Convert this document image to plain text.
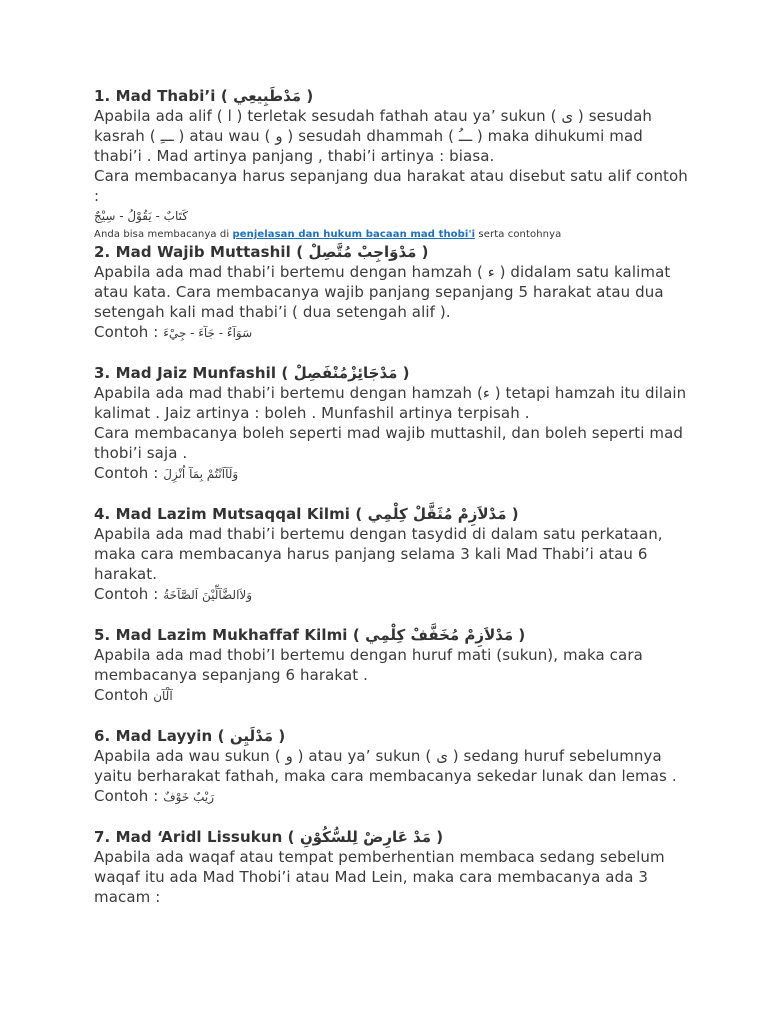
1. Mad Thabi’i ( مَدْطَبِيعِي )
Apabila ada alif ( ا ) terletak sesudah fathah atau ya’ sukun ( ى ) sesudah kasrah ( ـــِ ) atau wau ( و ) sesudah dhammah ( ـــُ ) maka dihukumi mad thabi’i . Mad artinya panjang , thabi’i artinya : biasa.
Cara membacanya harus sepanjang dua harakat atau disebut satu alif contoh :
كَتَابٌ - يَقُوْلُ - سِيْجٌ
Anda bisa membacanya di penjelasan dan hukum bacaan mad thobi'i serta contohnya
2. Mad Wajib Muttashil ( مَدْوَاجِبْ مُتَّصِلْ )
Apabila ada mad thabi’i bertemu dengan hamzah ( ء ) didalam satu kalimat atau kata. Cara membacanya wajib panjang sepanjang 5 harakat atau dua setengah kali mad thabi’i ( dua setengah alif ).
Contoh : سَوَآءٌ - جَآءَ - جِيْءَ
3. Mad Jaiz Munfashil ( مَدْجَائِزْمُنْفَصِلْ )
Apabila ada mad thabi’i bertemu dengan hamzah (ء ) tetapi hamzah itu dilain kalimat . Jaiz artinya : boleh . Munfashil artinya terpisah .
Cara membacanya boleh seperti mad wajib muttashil, dan boleh seperti mad thobi’i saja .
Contoh : وَلَآاَنْتُمْ بِمَآ اُنْزِلَ
4. Mad Lazim Mutsaqqal Kilmi ( مَدْلاَزِمْ مُثَقَّلْ كِلْمِي )
Apabila ada mad thabi’i bertemu dengan tasydid di dalam satu perkataan, maka cara membacanya harus panjang selama 3 kali Mad Thabi’i atau 6 harakat.
Contoh : وَلاَالضَّآلِّيْنَ اَلصَّآخَةُ
5. Mad Lazim Mukhaffaf Kilmi ( مَدْلاَزِمْ مُخَفَّفْ كِلْمِي )
Apabila ada mad thobi’I bertemu dengan huruf mati (sukun), maka cara membacanya sepanjang 6 harakat .
Contoh آلْآن
6. Mad Layyin ( مَدْلَيِن )
Apabila ada wau sukun ( و ) atau ya’ sukun ( ى ) sedang huruf sebelumnya yaitu berharakat fathah, maka cara membacanya sekedar lunak dan lemas .
Contoh : رَيْبٌ خَوْفٌ
7. Mad ‘Aridl Lissukun ( مَدْ عَارِضْ لِلسُّكُوْنِ )
Apabila ada waqaf atau tempat pemberhentian membaca sedang sebelum waqaf itu ada Mad Thobi’i atau Mad Lein, maka cara membacanya ada 3 macam :
